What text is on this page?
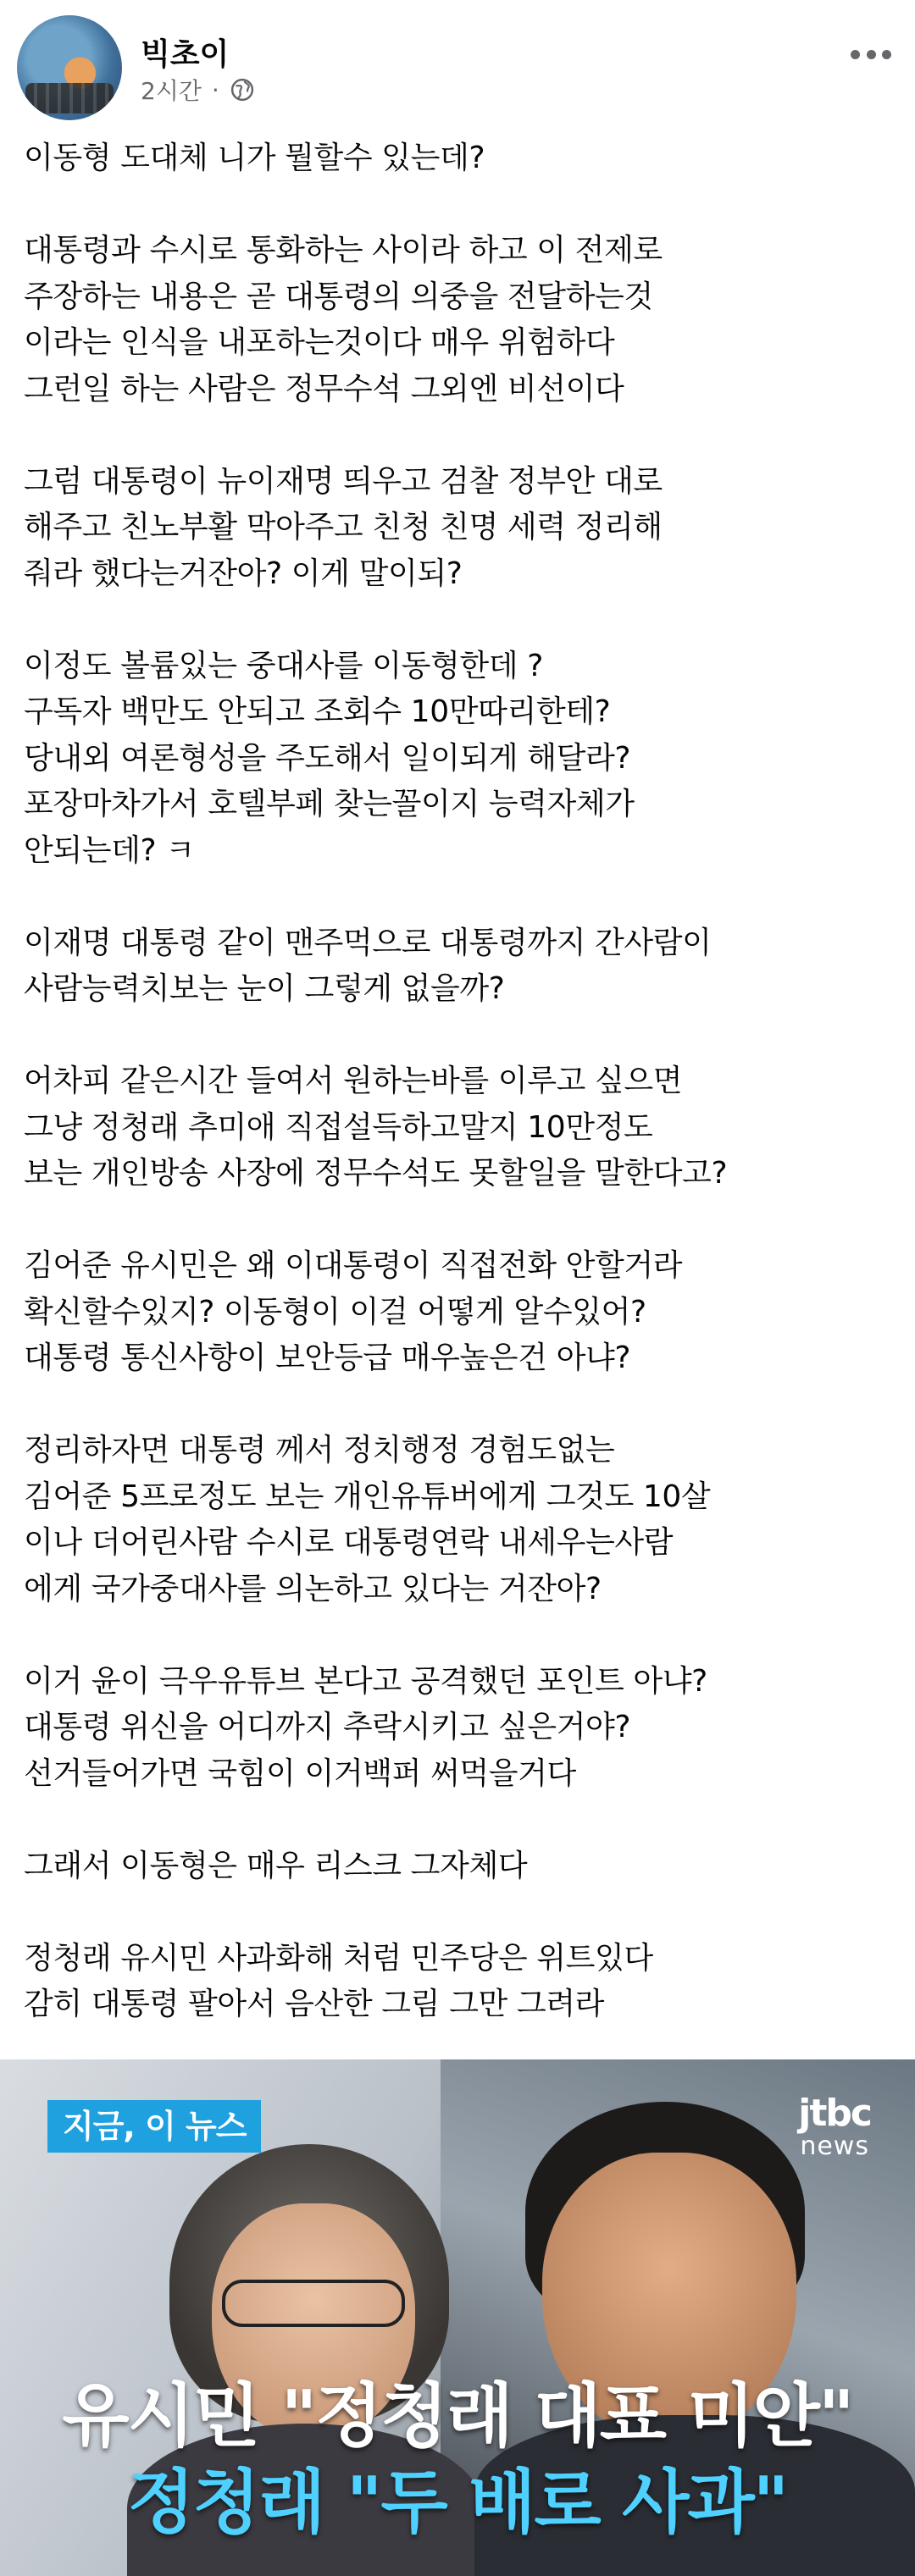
빅초이
2시간 ·

이동형 도대체 니가 뭘할수 있는데?

대통령과 수시로 통화하는 사이라 하고 이 전제로
주장하는 내용은 곧 대통령의 의중을 전달하는것
이라는 인식을 내포하는것이다 매우 위험하다
그런일 하는 사람은 정무수석 그외엔 비선이다

그럼 대통령이 뉴이재명 띄우고 검찰 정부안 대로
해주고 친노부활 막아주고 친청 친명 세력 정리해
줘라 했다는거잔아? 이게 말이되?

이정도 볼륨있는 중대사를 이동형한데 ?
구독자 백만도 안되고 조회수 10만따리한테?
당내외 여론형성을 주도해서 일이되게 해달라?
포장마차가서 호텔부페 찾는꼴이지 능력자체가
안되는데? ㅋ

이재명 대통령 같이 맨주먹으로 대통령까지 간사람이
사람능력치보는 눈이 그렇게 없을까?

어차피 같은시간 들여서 원하는바를 이루고 싶으면
그냥 정청래 추미애 직접설득하고말지 10만정도
보는 개인방송 사장에 정무수석도 못할일을 말한다고?

김어준 유시민은 왜 이대통령이 직접전화 안할거라
확신할수있지? 이동형이 이걸 어떻게 알수있어?
대통령 통신사항이 보안등급 매우높은건 아냐?

정리하자면 대통령 께서 정치행정 경험도없는
김어준 5프로정도 보는 개인유튜버에게 그것도 10살
이나 더어린사람 수시로 대통령연락 내세우는사람
에게 국가중대사를 의논하고 있다는 거잔아?

이거 윤이 극우유튜브 본다고 공격했던 포인트 아냐?
대통령 위신을 어디까지 추락시키고 싶은거야?
선거들어가면 국힘이 이거백퍼 써먹을거다

그래서 이동형은 매우 리스크 그자체다

정청래 유시민 사과화해 처럼 민주당은 위트있다
감히 대통령 팔아서 음산한 그림 그만 그려라

지금, 이 뉴스	jtbc
news
유시민 "정청래 대표 미안"
정청래 "두 배로 사과"
